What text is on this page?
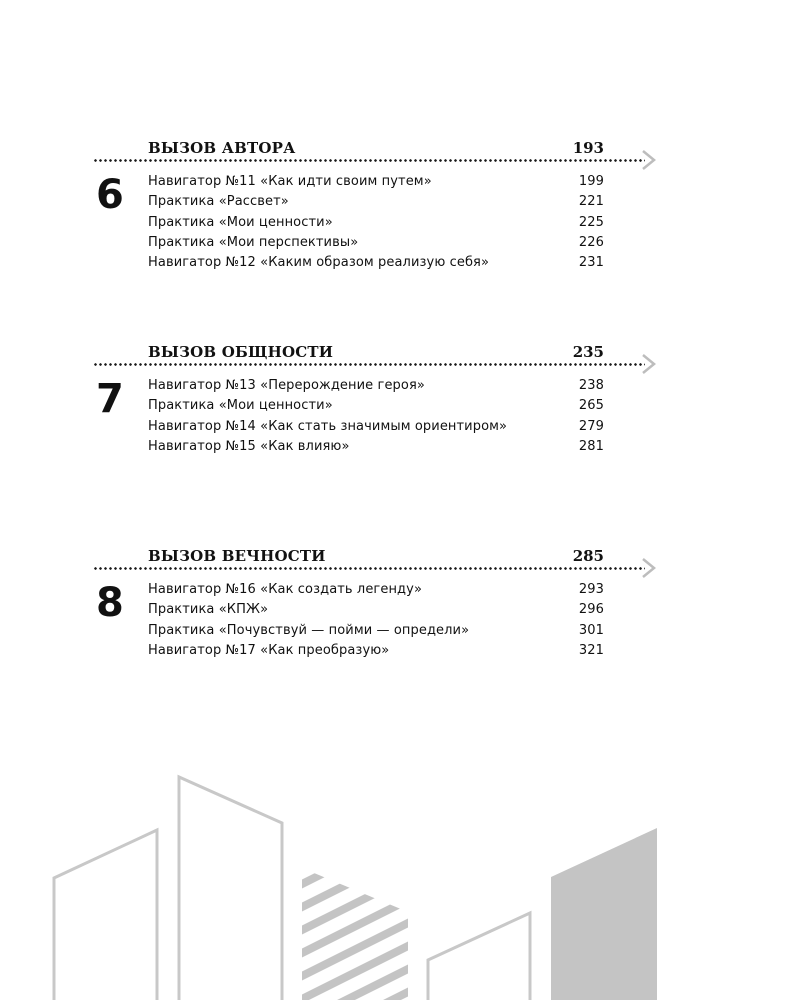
ВЫЗОВ АВТОРА	193
6 Навигатор №11 «Как идти своим путем»	199
Практика «Рассвет»	221
Практика «Мои ценности»	225
Практика «Мои перспективы»	226
Навигатор №12 «Каким образом реализую себя»	231
ВЫЗОВ ОБЩНОСТИ	235
7 Навигатор №13 «Перерождение героя»	238
Практика «Мои ценности»	265
Навигатор №14 «Как стать значимым ориентиром»	279
Навигатор №15 «Как влияю»	281
ВЫЗОВ ВЕЧНОСТИ	285
8 Навигатор №16 «Как создать легенду»	293
Практика «КПЖ»	296
Практика «Почувствуй — пойми — определи»	301
Навигатор №17 «Как преобразую»	321
